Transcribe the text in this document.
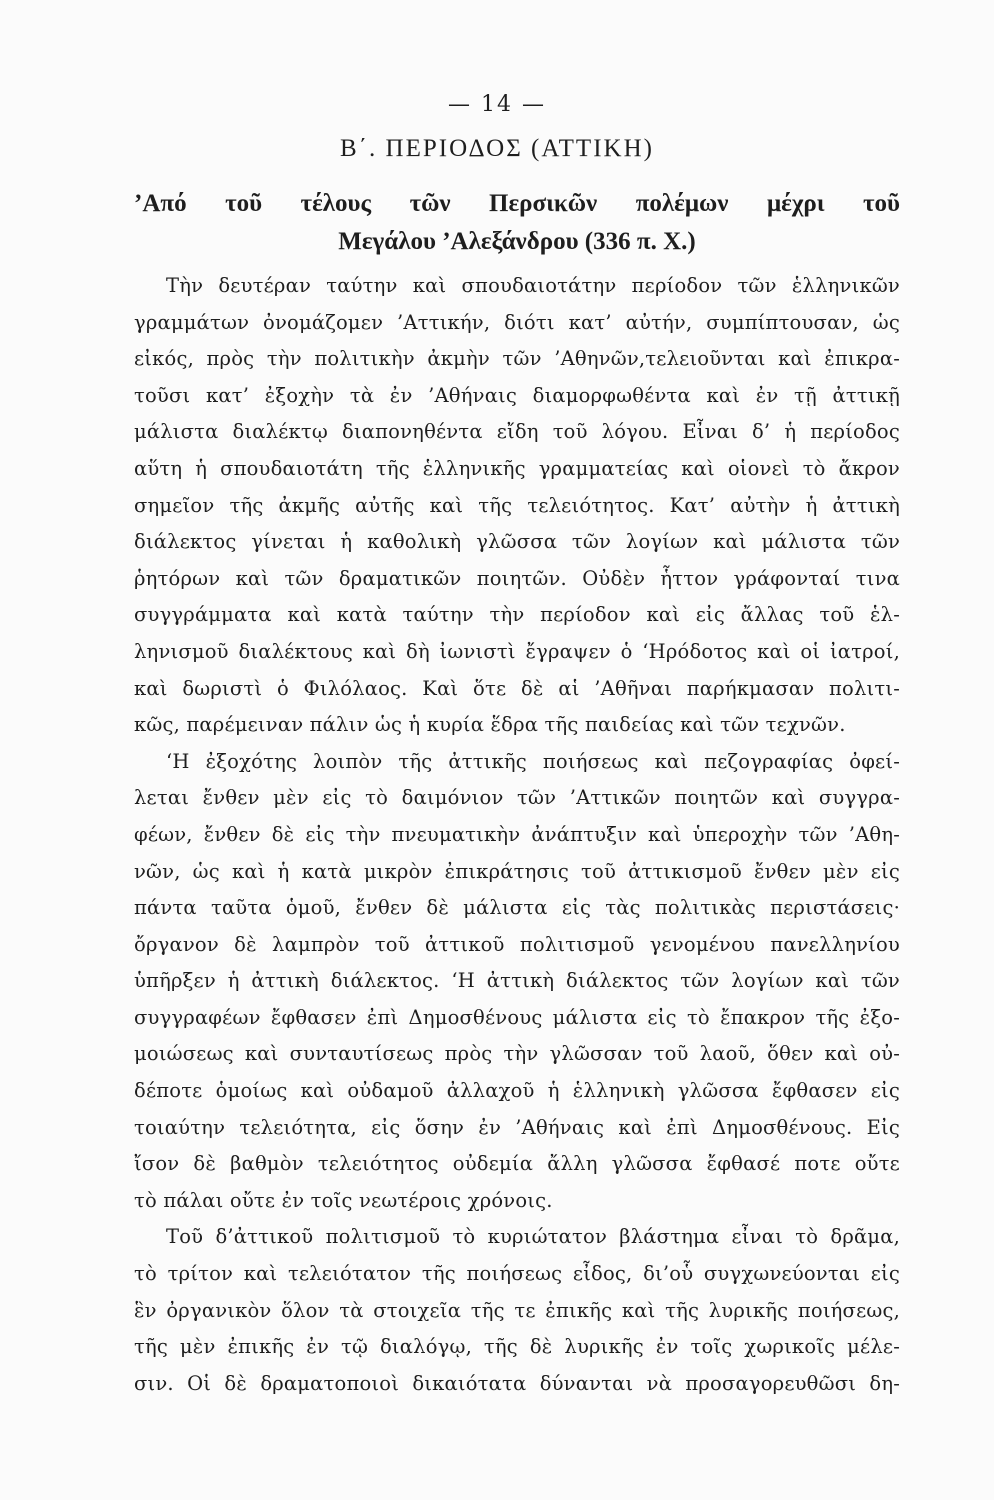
— 14 —
Β΄. ΠΕΡΙΟΔΟΣ (ΑΤΤΙΚΗ)
’Από τοῦ τέλους τῶν Περσικῶν πολέμων μέχρι τοῦ
Μεγάλου ’Αλεξάνδρου (336 π. Χ.)
Τὴν δευτέραν ταύτην καὶ σπουδαιοτάτην περίοδον τῶν ἑλληνικῶν
γραμμάτων ὀνομάζομεν ’Αττικήν, διότι κατ’ αὐτήν, συμπίπτουσαν, ὡς
εἰκός, πρὸς τὴν πολιτικὴν ἀκμὴν τῶν ’Αθηνῶν,τελειοῦνται καὶ ἐπικρα-
τοῦσι κατ’ ἐξοχὴν τὰ ἐν ’Αθήναις διαμορφωθέντα καὶ ἐν τῇ ἀττικῇ
μάλιστα διαλέκτῳ διαπονηθέντα εἴδη τοῦ λόγου. Εἶναι δ’ ἡ περίοδος
αὕτη ἡ σπουδαιοτάτη τῆς ἑλληνικῆς γραμματείας καὶ οἱονεὶ τὸ ἄκρον
σημεῖον τῆς ἀκμῆς αὐτῆς καὶ τῆς τελειότητος. Κατ’ αὐτὴν ἡ ἀττικὴ
διάλεκτος γίνεται ἡ καθολικὴ γλῶσσα τῶν λογίων καὶ μάλιστα τῶν
ῥητόρων καὶ τῶν δραματικῶν ποιητῶν. Οὐδὲν ἧττον γράφονταί τινα
συγγράμματα καὶ κατὰ ταύτην τὴν περίοδον καὶ εἰς ἄλλας τοῦ ἑλ-
ληνισμοῦ διαλέκτους καὶ δὴ ἰωνιστὶ ἔγραψεν ὁ ‘Ηρόδοτος καὶ οἱ ἰατροί,
καὶ δωριστὶ ὁ Φιλόλαος. Καὶ ὅτε δὲ αἱ ’Αθῆναι παρήκμασαν πολιτι-
κῶς, παρέμειναν πάλιν ὡς ἡ κυρία ἕδρα τῆς παιδείας καὶ τῶν τεχνῶν.
‘Η ἐξοχότης λοιπὸν τῆς ἀττικῆς ποιήσεως καὶ πεζογραφίας ὀφεί-
λεται ἔνθεν μὲν εἰς τὸ δαιμόνιον τῶν ’Αττικῶν ποιητῶν καὶ συγγρα-
φέων, ἔνθεν δὲ εἰς τὴν πνευματικὴν ἀνάπτυξιν καὶ ὑπεροχὴν τῶν ’Αθη-
νῶν, ὡς καὶ ἡ κατὰ μικρὸν ἐπικράτησις τοῦ ἀττικισμοῦ ἔνθεν μὲν εἰς
πάντα ταῦτα ὁμοῦ, ἔνθεν δὲ μάλιστα εἰς τὰς πολιτικὰς περιστάσεις·
ὄργανον δὲ λαμπρὸν τοῦ ἀττικοῦ πολιτισμοῦ γενομένου πανελληνίου
ὑπῆρξεν ἡ ἀττικὴ διάλεκτος. ‘Η ἀττικὴ διάλεκτος τῶν λογίων καὶ τῶν
συγγραφέων ἔφθασεν ἐπὶ Δημοσθένους μάλιστα εἰς τὸ ἔπακρον τῆς ἐξο-
μοιώσεως καὶ συνταυτίσεως πρὸς τὴν γλῶσσαν τοῦ λαοῦ, ὅθεν καὶ οὐ-
δέποτε ὁμοίως καὶ οὐδαμοῦ ἀλλαχοῦ ἡ ἑλληνικὴ γλῶσσα ἔφθασεν εἰς
τοιαύτην τελειότητα, εἰς ὅσην ἐν ’Αθήναις καὶ ἐπὶ Δημοσθένους. Εἰς
ἴσον δὲ βαθμὸν τελειότητος οὐδεμία ἄλλη γλῶσσα ἔφθασέ ποτε οὔτε
τὸ πάλαι οὔτε ἐν τοῖς νεωτέροις χρόνοις.
Τοῦ δ’ἀττικοῦ πολιτισμοῦ τὸ κυριώτατον βλάστημα εἶναι τὸ δρᾶμα,
τὸ τρίτον καὶ τελειότατον τῆς ποιήσεως εἶδος, δι’οὗ συγχωνεύονται εἰς
ἓν ὀργανικὸν ὅλον τὰ στοιχεῖα τῆς τε ἐπικῆς καὶ τῆς λυρικῆς ποιήσεως,
τῆς μὲν ἐπικῆς ἐν τῷ διαλόγῳ, τῆς δὲ λυρικῆς ἐν τοῖς χωρικοῖς μέλε-
σιν. Οἱ δὲ δραματοποιοὶ δικαιότατα δύνανται νὰ προσαγορευθῶσι δη-
